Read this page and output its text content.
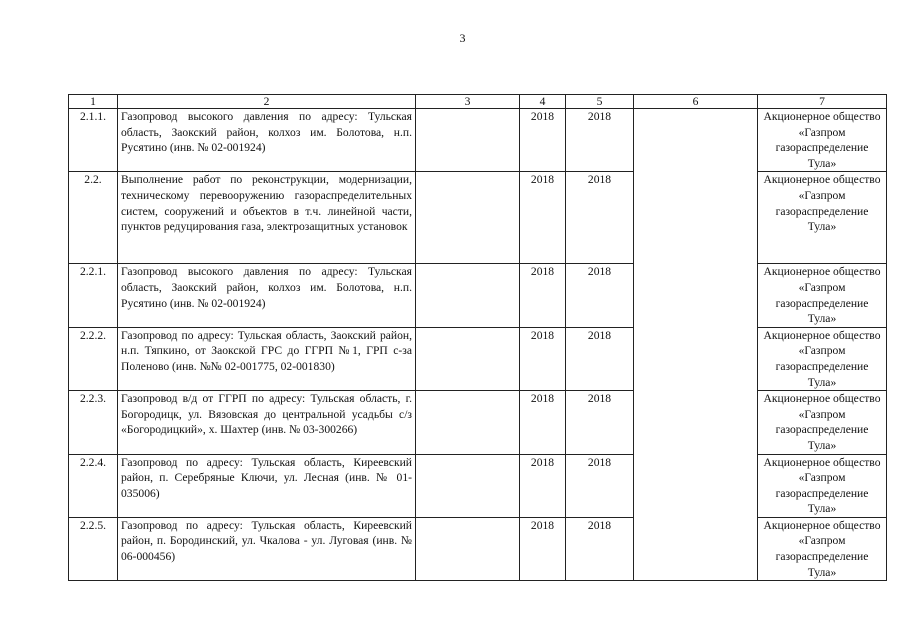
3
1	2	3	4	5	6	7
2.1.1.	Газопровод высокого давления по адресу: Тульская область, Заокский район, колхоз им. Болотова, н.п. Русятино (инв. № 02-001924)		2018	2018		Акционерное общество «Газпром газораспределение Тула»
2.2.	Выполнение работ по реконструкции, модернизации, техническому перевооружению газораспределительных систем, сооружений и объектов в т.ч. линейной части, пунктов редуцирования газа, электрозащитных установок		2018	2018		Акционерное общество «Газпром газораспределение Тула»
2.2.1.	Газопровод высокого давления по адресу: Тульская область, Заокский район, колхоз им. Болотова, н.п. Русятино (инв. № 02-001924)		2018	2018		Акционерное общество «Газпром газораспределение Тула»
2.2.2.	Газопровод по адресу: Тульская область, Заокский район, н.п. Тяпкино, от Заокской ГРС до ГГРП №1, ГРП с-за Поленово (инв. №№ 02-001775, 02-001830)		2018	2018		Акционерное общество «Газпром газораспределение Тула»
2.2.3.	Газопровод в/д от ГГРП по адресу: Тульская область, г. Богородицк, ул. Вязовская до центральной усадьбы с/з «Богородицкий», х. Шахтер (инв. № 03-300266)		2018	2018		Акционерное общество «Газпром газораспределение Тула»
2.2.4.	Газопровод по адресу: Тульская область, Киреевский район, п. Серебряные Ключи, ул. Лесная (инв. № 01-035006)		2018	2018		Акционерное общество «Газпром газораспределение Тула»
2.2.5.	Газопровод по адресу: Тульская область, Киреевский район, п. Бородинский, ул. Чкалова - ул. Луговая (инв. № 06-000456)		2018	2018		Акционерное общество «Газпром газораспределение Тула»
